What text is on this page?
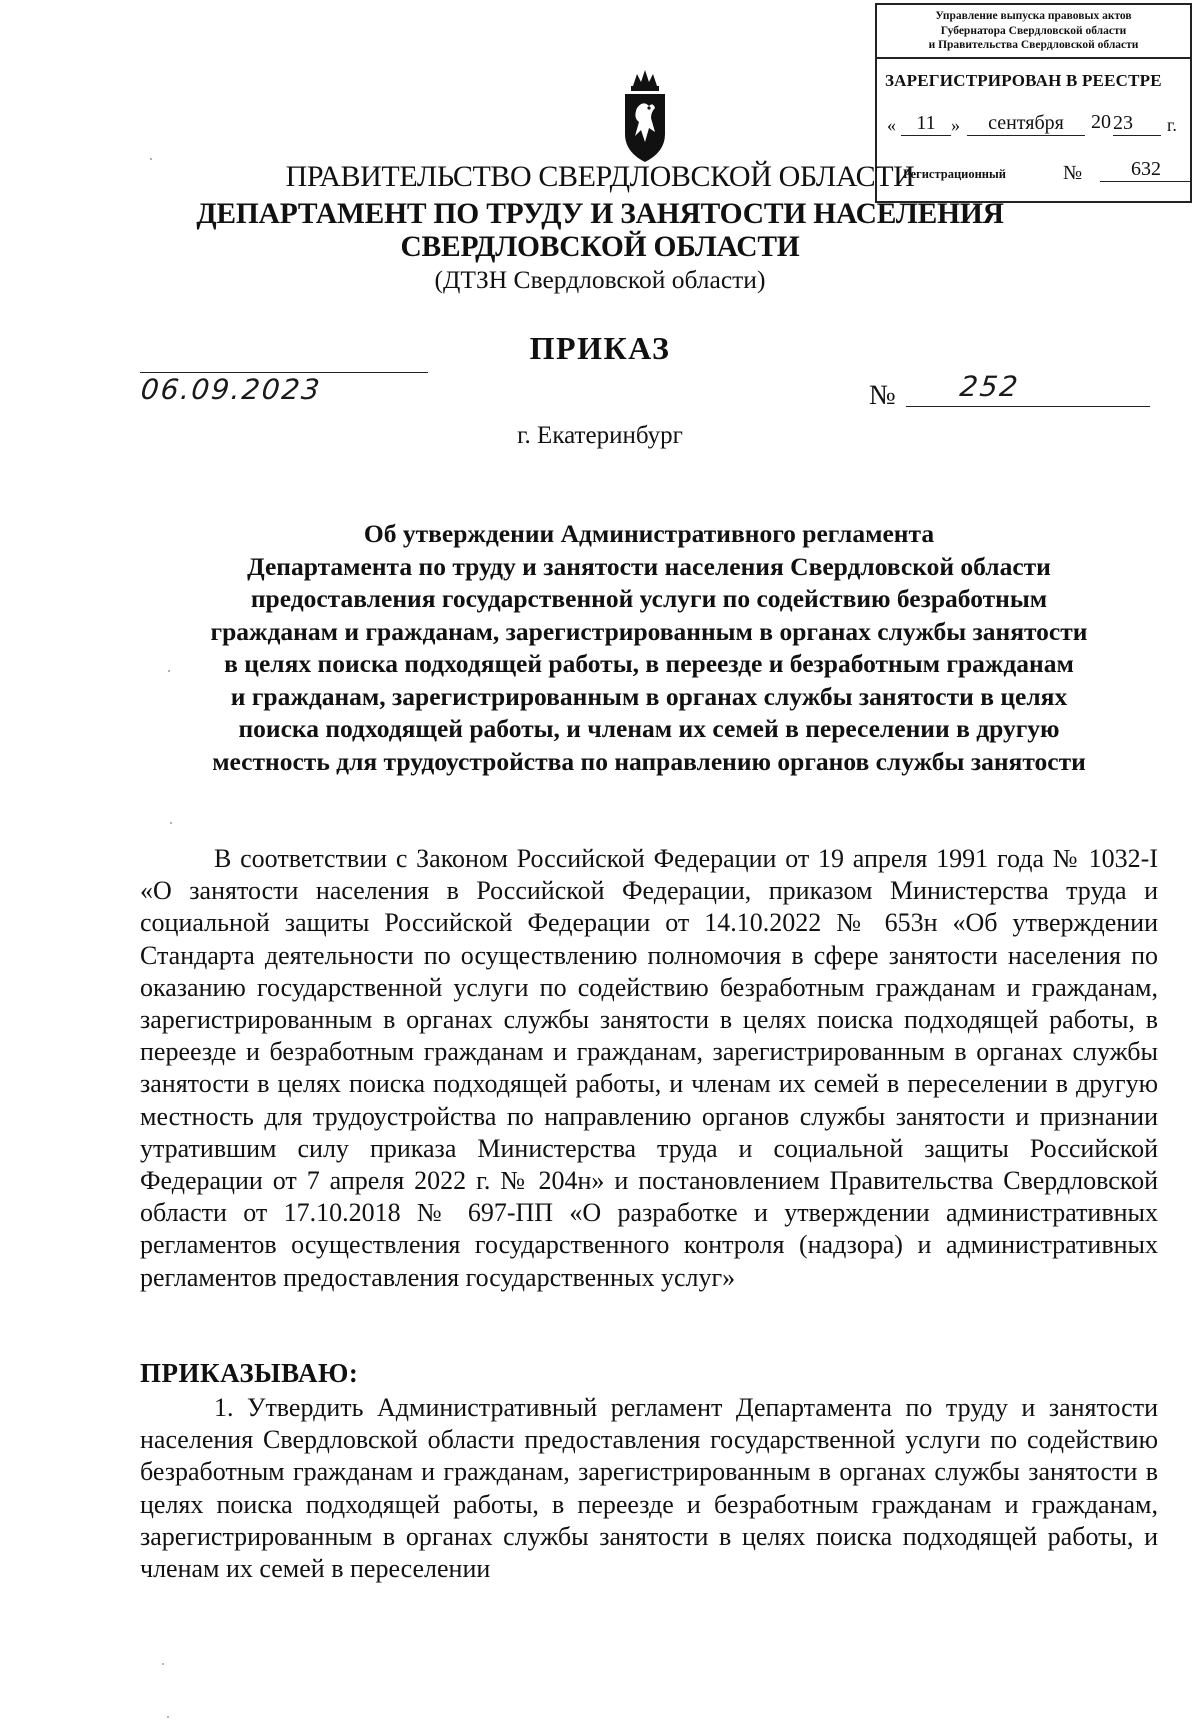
Управление выпуска правовых актов
Губернатора Свердловской области
и Правительства Свердловской области
ЗАРЕГИСТРИРОВАН В РЕЕСТРЕ
«	11 »	сентября	20 23	г.
Регистрационный	№	632
ПРАВИТЕЛЬСТВО СВЕРДЛОВСКОЙ ОБЛАСТИ
ДЕПАРТАМЕНТ ПО ТРУДУ И ЗАНЯТОСТИ НАСЕЛЕНИЯ
СВЕРДЛОВСКОЙ ОБЛАСТИ
(ДТЗН Свердловской области)
ПРИКАЗ
06.09.2023	№ 252
г. Екатеринбург
Об утверждении Административного регламента
Департамента по труду и занятости населения Свердловской области
предоставления государственной услуги по содействию безработным
гражданам и гражданам, зарегистрированным в органах службы занятости
в целях поиска подходящей работы, в переезде и безработным гражданам
и гражданам, зарегистрированным в органах службы занятости в целях
поиска подходящей работы, и членам их семей в переселении в другую
местность для трудоустройства по направлению органов службы занятости

В соответствии с Законом Российской Федерации от 19 апреля 1991 года № 1032-I «О занятости населения в Российской Федерации, приказом Министерства труда и социальной защиты Российской Федерации от 14.10.2022 № 653н «Об утверждении Стандарта деятельности по осуществлению полномочия в сфере занятости населения по оказанию государственной услуги по содействию безработным гражданам и гражданам, зарегистрированным в органах службы занятости в целях поиска подходящей работы, в переезде и безработным гражданам и гражданам, зарегистрированным в органах службы занятости в целях поиска подходящей работы, и членам их семей в переселении в другую местность для трудоустройства по направлению органов службы занятости и признании утратившим силу приказа Министерства труда и социальной защиты Российской Федерации от 7 апреля 2022 г. № 204н» и постановлением Правительства Свердловской области от 17.10.2018 № 697-ПП «О разработке и утверждении административных регламентов осуществления государственного контроля (надзора) и административных регламентов предоставления государственных услуг»

ПРИКАЗЫВАЮ:

1. Утвердить Административный регламент Департамента по труду и занятости населения Свердловской области предоставления государственной услуги по содействию безработным гражданам и гражданам, зарегистрированным в органах службы занятости в целях поиска подходящей работы, в переезде и безработным гражданам и гражданам, зарегистрированным в органах службы занятости в целях поиска подходящей работы, и членам их семей в переселении
